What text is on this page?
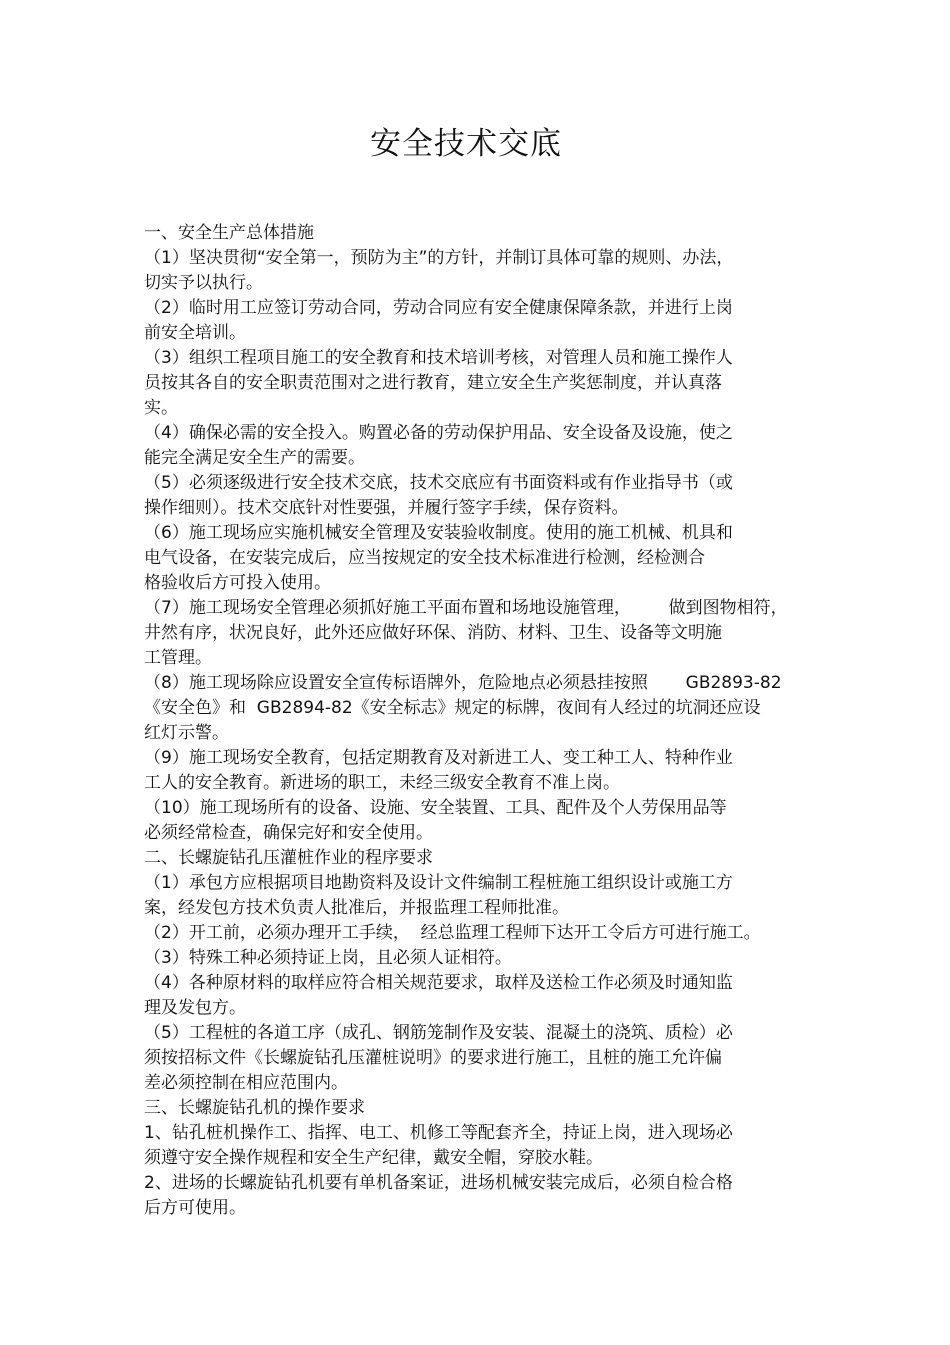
安全技术交底
一、安全生产总体措施
（1）坚决贯彻“安全第一，预防为主”的方针，并制订具体可靠的规则、办法，
切实予以执行。
（2）临时用工应签订劳动合同，劳动合同应有安全健康保障条款，并进行上岗
前安全培训。
（3）组织工程项目施工的安全教育和技术培训考核，对管理人员和施工操作人
员按其各自的安全职责范围对之进行教育，建立安全生产奖惩制度，并认真落
实。
（4）确保必需的安全投入。购置必备的劳动保护用品、安全设备及设施，使之
能完全满足安全生产的需要。
（5）必须逐级进行安全技术交底，技术交底应有书面资料或有作业指导书（或
操作细则）。技术交底针对性要强，并履行签字手续，保存资料。
（6）施工现场应实施机械安全管理及安装验收制度。使用的施工机械、机具和
电气设备，在安装完成后，应当按规定的安全技术标准进行检测，经检测合
格验收后方可投入使用。
（7）施工现场安全管理必须抓好施工平面布置和场地设施管理，       做到图物相符，
井然有序，状况良好，此外还应做好环保、消防、材料、卫生、设备等文明施
工管理。
（8）施工现场除应设置安全宣传标语牌外，危险地点必须悬挂按照       GB2893-82
《安全色》和  GB2894-82《安全标志》规定的标牌，夜间有人经过的坑洞还应设
红灯示警。
（9）施工现场安全教育，包括定期教育及对新进工人、变工种工人、特种作业
工人的安全教育。新进场的职工，未经三级安全教育不准上岗。
（10）施工现场所有的设备、设施、安全装置、工具、配件及个人劳保用品等
必须经常检查，确保完好和安全使用。
二、长螺旋钻孔压灌桩作业的程序要求
（1）承包方应根据项目地勘资料及设计文件编制工程桩施工组织设计或施工方
案，经发包方技术负责人批准后，并报监理工程师批准。
（2）开工前，必须办理开工手续，  经总监理工程师下达开工令后方可进行施工。
（3）特殊工种必须持证上岗，且必须人证相符。
（4）各种原材料的取样应符合相关规范要求，取样及送检工作必须及时通知监
理及发包方。
（5）工程桩的各道工序（成孔、钢筋笼制作及安装、混凝土的浇筑、质检）必
须按招标文件《长螺旋钻孔压灌桩说明》的要求进行施工，且桩的施工允许偏
差必须控制在相应范围内。
三、长螺旋钻孔机的操作要求
1、钻孔桩机操作工、指挥、电工、机修工等配套齐全，持证上岗，进入现场必
须遵守安全操作规程和安全生产纪律，戴安全帽，穿胶水鞋。
2、进场的长螺旋钻孔机要有单机备案证，进场机械安装完成后，必须自检合格
后方可使用。
